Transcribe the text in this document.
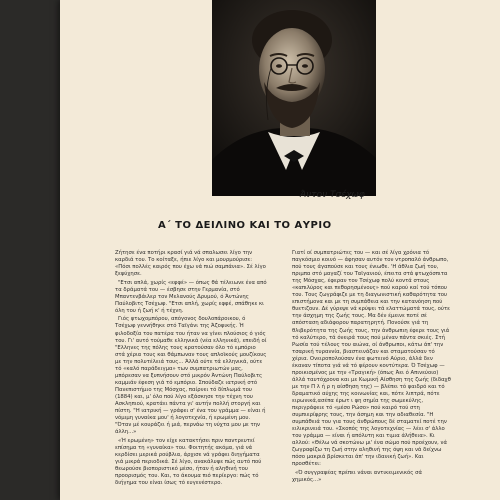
Άντον Τσέχωφ
Α΄ ΤΟ ΔΕΙΛΙΝΟ ΚΑΙ ΤΟ ΑΥΡΙΟ

Ζήτησε ένα ποτήρι κρασί γιά νά σπαλωσει λίγο την καρδιά του. Το κοίταξε, ήπιε λίγο και μουρμούρισε: «Πόσι πολλές καιρός που έχω νά πιώ σαμπάνια». Σέ λίγο ξεψύχησε.

"Ετσι απλά, χωρίς «εφφέ» — όπως θά τέλειωνε ένα από τα δράματά του — έσβησε στην Γερμανία, στό Μπαντενβάιλερ τον Μελανούς Δρυμού, ό Άντώνης Παύλοβιτς Τσέχωφ. "Ετσι απλή, χωρίς εφφέ, σπάθηκε κι όλη του ή ζωή κ' ή τέχνη.

Γιός φτωχομπόρου, απόγονος δουλοπάροικου, ό Τσέχωφ γεννήθηκε στό Ταϊγάνι της Άζοφικής. Ή φιλοδοξία του πατέρα του ήταν να γίνει πλούσιος ό γιός του. Γι' αυτό τούμαθε ελληνικά (νέα ελληνικά), επειδή οί "Ελληνες της πόλης τους κρατούσαν όλο τό εμπόριο στά χέρια τους και θάμπωναν τους απλοϊκούς μουζίκους με την πολυτέλειά τους... Άλλά ούτε τά ελληνικά, ούτε τό «καλό παράδειγμα» των συμπατριωτών μας, μπόρεσαν να ξυπνήσουν στό μικρόν Άντώνη Παύλοβιτς καμμιάν έφεση γιά τό εμπόριο. Σπούδαζε ιατρική στό Πανεπιστήμιο της Μόσχας, παίρνει τό δίπλωμά του (1884) και, μ' όλο πού λίγο εξάσκησε την τέχνη του Ασκληπιού, κρατάει πάντα γι' αυτήν πολλή στοργή και πίστη. "Η ιατρική — γράφει σ' ένα του γράμμα — είναι ή νόμιμη γυναίκα μου' ή λογοτεχνία, ή ερωμένη μου. "Όταν μέ κουράζει ή μιά, περνάω τη νύχτα μου με την άλλη...»

«Ή ερωμένη» τον είχε κατακτήσει πριν παντρευτεί επίσημα τη «γυναίκα» του. Φοιτητής ακόμα, γιά νά κερδίσει μερικά ρούβλια, άρχισε νά γράφει διηγήματα γιά μικρά περιοδικά. Σέ λίγο, ανακάλυψε πώς αυτό πού θεωρούσε βιοποριστικό μέσο, ήταν ή αληθινή του προορισμός του. Και, το άκουμα πιό περίεργο: πώς τό διήγημα του είναι ίσως τό ευγενέστερο.

Γιατί οί συμπατριώτες του — και σέ λίγα χρόνια τό παγκόσμιο κοινό — άφησαν αυτόν τον ντροπαλό άνθρωπο, πού τους άγαπούσε και τους ένιωθε. 'Η άθλια ζωή του, πριμπα στό μαγαζί του Ταϊγανιού, έπειτα στά φτωχόσπιτα της Μόσχας, έφεραν τον Τσέχωφ πολύ κοντά στους «καπιλύρος και πεθορησμένους» πού καρού καί τού τόπου του. Τους ζωγράφιζε με τη διαγωνιστική καθαρότητα του επιστήμονα και με τη συμπάθεια και την κατανόηση πού θυετιζουν. Δέ γύρεψε νά κρύψει τά ελαττώματά τους, ούτε την άσχημη της ζωής τους. Μα δέν έμεινε ποτέ σέ απόσταση αδιάφορου παρατηρητή. Πονούσε γιά τη θλιβερότητα της ζωής τους, την άνθρωπιη έφερε τους γιά τό καλύτερο, τά όνειρά τους πού μέναν πάντα σκιές. Στή Ρωσία τού τέλους του αιώνα, οί άνθρωποι, κάτω άπ' την τσαρική τυραννία, βιαστεινάζαν και σταματούσαν τό χέρια. Ονειροπολούσαν ένα φωτεινό Αύριο, άλλά δεν έκαναν τίποτα γιά νά τό φέρουν κοντύτερα. Ό Τσέχωφ — προικισμένος με την «Τραγική» (όπως Άει ό Απινεύοιο) άλλά ταυτόχρονα και με Κωμική Αίσθηση της ζωής (διδαχθ με την Π λ ή ρ η αίσθηση της) — βλέπει τό φαιδρό και τό δραματικό αύχης της κοινωνίας και, πότε λιπτρά, πότε ειρωνικά,ασέπα έρωτ ι φη σημία της σωμεκύλης, περιγράφειε τό «μέσο Ρώσο» πού καιρό τού στη συμπιερίφρης τους, την άσημη και την αδιαθεσία. "Η συμπάθειά του για τους άνθρώπους δέ σταματεί ποτέ την ειλικρινειά του. «Σκοπός της λογοτεχνίας — λέει σ' άλλο του γράμμα — είναι ή απόλυτη και τιμια άλήθεια». Κι αλλού: «Θέλω νά σκοτώνω μι' ένα σώμο πού προέχουν, νά ζωγραφίζω τη ζωή στην αληθινή της όψη και νά δείχνω πόσο μακριά βρίσκεται άπ' την ιδανική ζωή». Και προσθέτει:

«Ό συγγραφέας πρέπει νάναι αντικειμενικός σά χημικός...»
